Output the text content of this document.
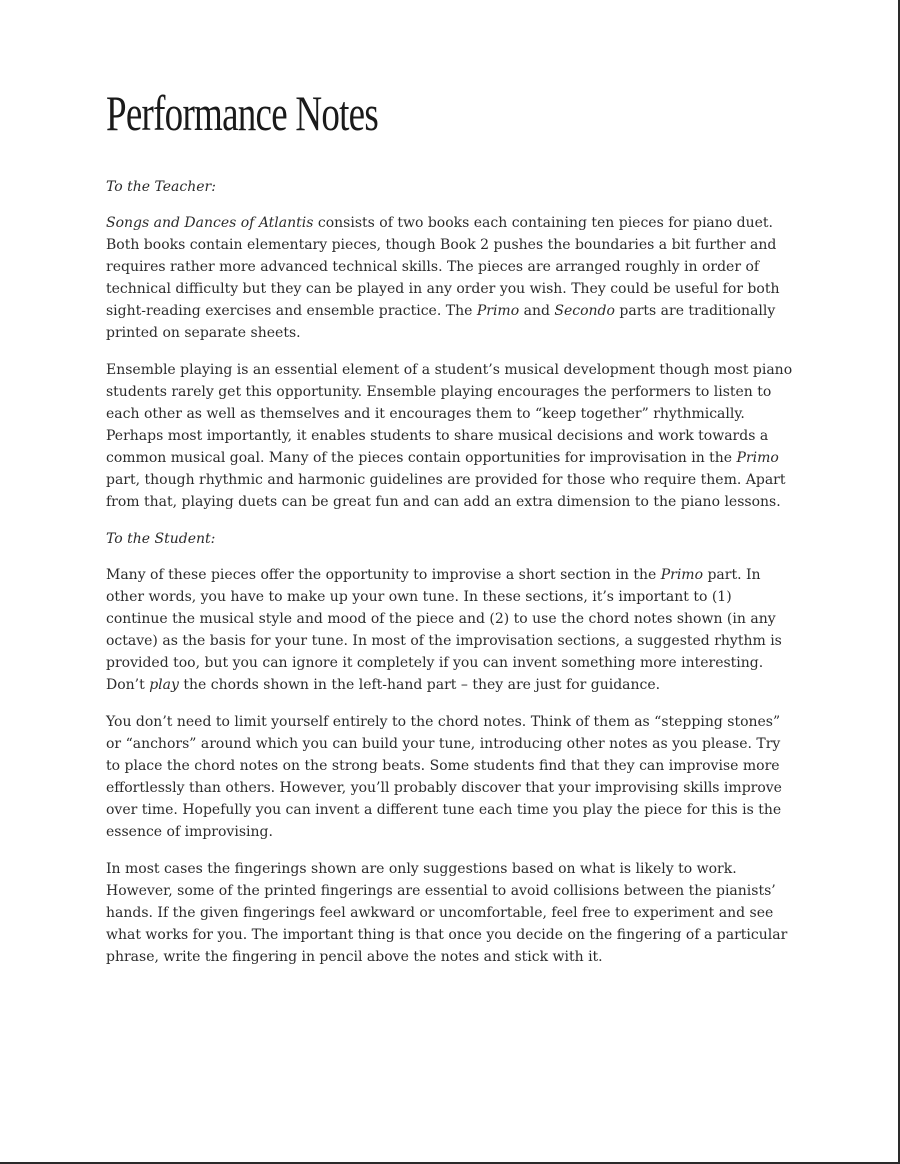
Performance Notes
To the Teacher:

Songs and Dances of Atlantis consists of two books each containing ten pieces for piano duet. Both books contain elementary pieces, though Book 2 pushes the boundaries a bit further and requires rather more advanced technical skills. The pieces are arranged roughly in order of technical difficulty but they can be played in any order you wish. They could be useful for both sight-reading exercises and ensemble practice. The Primo and Secondo parts are traditionally printed on separate sheets.

Ensemble playing is an essential element of a student’s musical development though most piano students rarely get this opportunity. Ensemble playing encourages the performers to listen to each other as well as themselves and it encourages them to “keep together” rhythmically. Perhaps most importantly, it enables students to share musical decisions and work towards a common musical goal. Many of the pieces contain opportunities for improvisation in the Primo part, though rhythmic and harmonic guidelines are provided for those who require them. Apart from that, playing duets can be great fun and can add an extra dimension to the piano lessons.

To the Student:

Many of these pieces offer the opportunity to improvise a short section in the Primo part. In other words, you have to make up your own tune. In these sections, it’s important to (1) continue the musical style and mood of the piece and (2) to use the chord notes shown (in any octave) as the basis for your tune. In most of the improvisation sections, a suggested rhythm is provided too, but you can ignore it completely if you can invent something more interesting. Don’t play the chords shown in the left-hand part – they are just for guidance.

You don’t need to limit yourself entirely to the chord notes. Think of them as “stepping stones” or “anchors” around which you can build your tune, introducing other notes as you please. Try to place the chord notes on the strong beats. Some students find that they can improvise more effortlessly than others. However, you’ll probably discover that your improvising skills improve over time. Hopefully you can invent a different tune each time you play the piece for this is the essence of improvising.

In most cases the fingerings shown are only suggestions based on what is likely to work. However, some of the printed fingerings are essential to avoid collisions between the pianists’ hands. If the given fingerings feel awkward or uncomfortable, feel free to experiment and see what works for you. The important thing is that once you decide on the fingering of a particular phrase, write the fingering in pencil above the notes and stick with it.
